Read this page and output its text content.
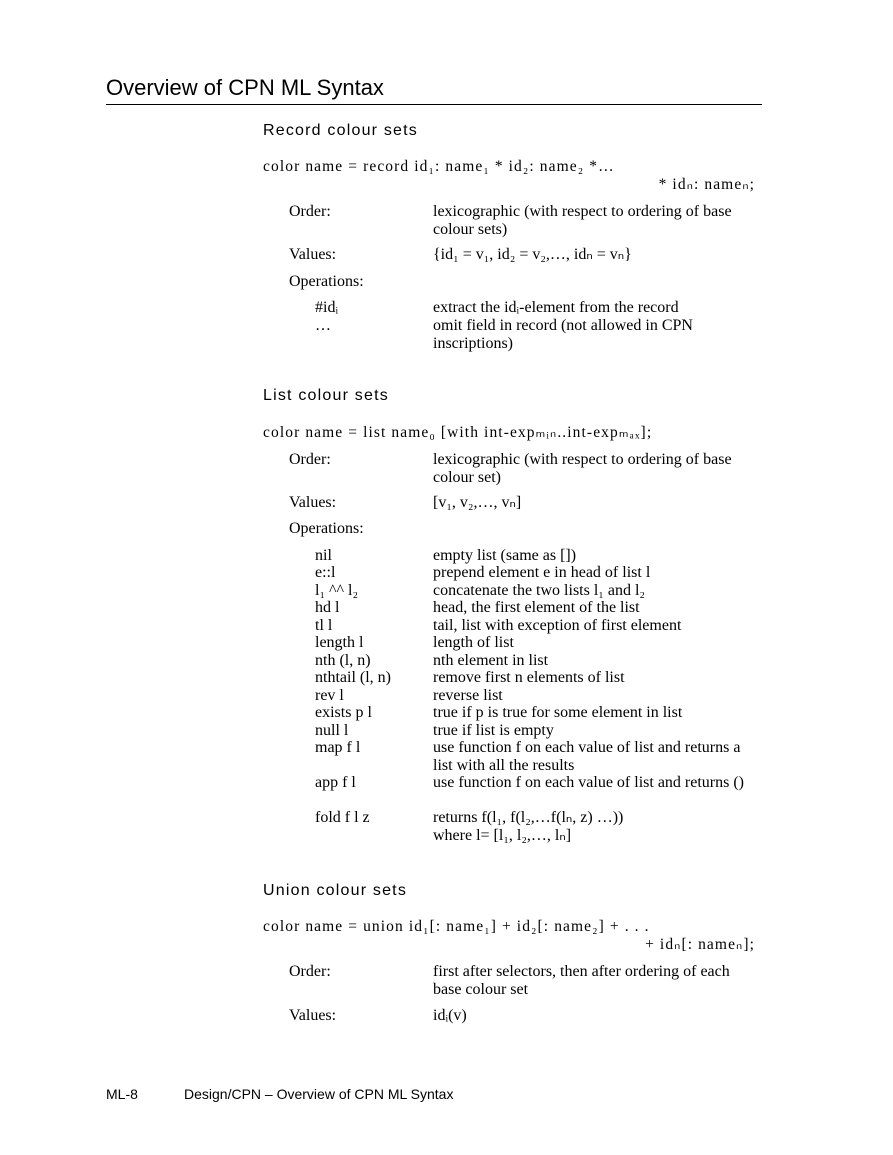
Overview of CPN ML Syntax
Record colour sets
color name = record id₁: name₁ * id₂: name₂ *…
* idₙ: nameₙ;
Order:	lexicographic (with respect to ordering of base colour sets)
Values:	{id₁ = v₁, id₂ = v₂,…, idₙ = vₙ}
Operations:
#idᵢ	extract the idᵢ-element from the record
…	omit field in record (not allowed in CPN inscriptions)
List colour sets
color name = list name₀ [with int-expₘᵢₙ..int-expₘₐₓ];
Order:	lexicographic (with respect to ordering of base colour set)
Values:	[v₁, v₂,…, vₙ]
Operations:
nil	empty list (same as [])
e::l	prepend element e in head of list l
l₁ ^^ l₂	concatenate the two lists l₁ and l₂
hd l	head, the first element of the list
tl l	tail, list with exception of first element
length l	length of list
nth (l, n)	nth element in list
nthtail (l, n)	remove first n elements of list
rev l	reverse list
exists p l	true if p is true for some element in list
null l	true if list is empty
map f l	use function f on each value of list and returns a list with all the results
app f l	use function f on each value of list and returns ()
fold f l z	returns f(l₁, f(l₂,…f(lₙ, z) …)) where l= [l₁, l₂,…, lₙ]
Union colour sets
color name = union id₁[: name₁] + id₂[: name₂] + . . .
+ idₙ[: nameₙ];
Order:	first after selectors, then after ordering of each base colour set
Values:	idᵢ(v)
ML-8	Design/CPN – Overview of CPN ML Syntax
